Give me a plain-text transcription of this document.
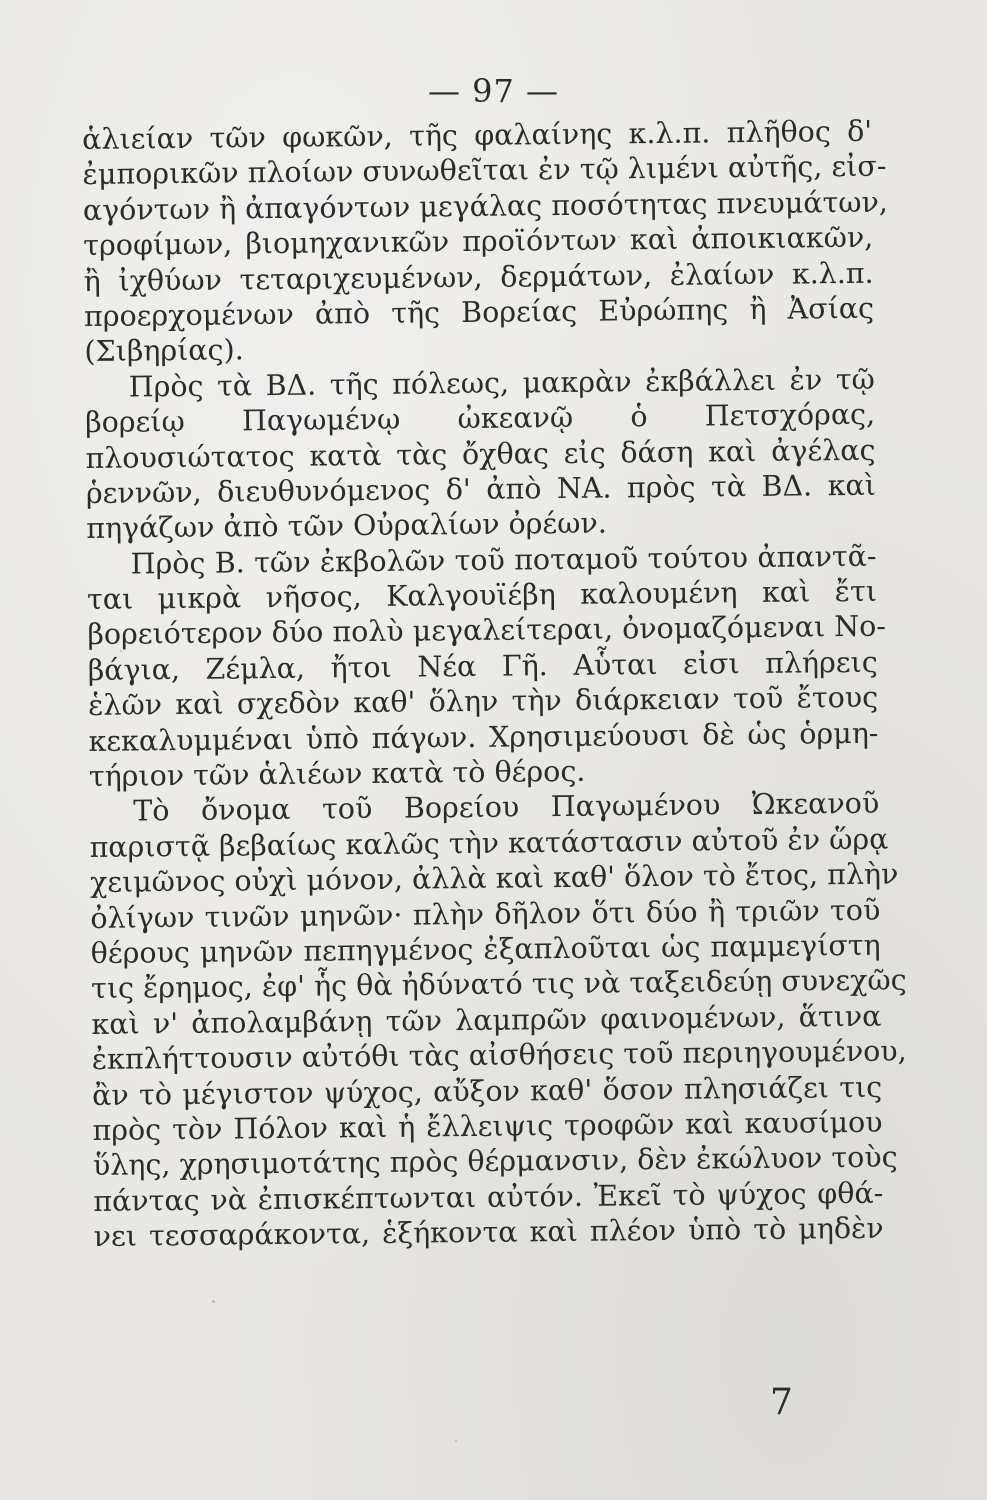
— 97 —
ἁλιείαν τῶν φωκῶν, τῆς φαλαίνης κ.λ.π. πλῆθος δ'
ἐμπορικῶν πλοίων συνωθεῖται ἐν τῷ λιμένι αὐτῆς, εἰσ-
αγόντων ἢ ἀπαγόντων μεγάλας ποσότητας πνευμάτων,
τροφίμων, βιομηχανικῶν προϊόντων καὶ ἀποικιακῶν,
ἢ ἰχθύων τεταριχευμένων, δερμάτων, ἐλαίων κ.λ.π.
προερχομένων ἀπὸ τῆς Βορείας Εὐρώπης ἢ Ἀσίας
(Σιβηρίας).
Πρὸς τὰ ΒΔ. τῆς πόλεως, μακρὰν ἐκβάλλει ἐν τῷ
βορείῳ Παγωμένῳ ὠκεανῷ ὁ Πετσχόρας,
πλουσιώτατος κατὰ τὰς ὄχθας εἰς δάση καὶ ἀγέλας
ῥεννῶν, διευθυνόμενος δ' ἀπὸ ΝΑ. πρὸς τὰ ΒΔ. καὶ
πηγάζων ἀπὸ τῶν Οὐραλίων ὀρέων.
Πρὸς Β. τῶν ἐκβολῶν τοῦ ποταμοῦ τούτου ἀπαντᾶ-
ται μικρὰ νῆσος, Καλγουϊέβη καλουμένη καὶ ἔτι
βορειότερον δύο πολὺ μεγαλείτεραι, ὀνομαζόμεναι Νο-
βάγια, Ζέμλα, ἤτοι Νέα Γῆ. Αὗται εἰσι πλήρεις
ἑλῶν καὶ σχεδὸν καθ' ὅλην τὴν διάρκειαν τοῦ ἔτους
κεκαλυμμέναι ὑπὸ πάγων. Χρησιμεύουσι δὲ ὡς ὁρμη-
τήριον τῶν ἁλιέων κατὰ τὸ θέρος.
Τὸ ὄνομα τοῦ Βορείου Παγωμένου Ὠκεανοῦ
παριστᾷ βεβαίως καλῶς τὴν κατάστασιν αὐτοῦ ἐν ὥρᾳ
χειμῶνος οὐχὶ μόνον, ἀλλὰ καὶ καθ' ὅλον τὸ ἔτος, πλὴν
ὀλίγων τινῶν μηνῶν· πλὴν δῆλον ὅτι δύο ἢ τριῶν τοῦ
θέρους μηνῶν πεπηγμένος ἐξαπλοῦται ὡς παμμεγίστη
τις ἔρημος, ἐφ' ἧς θὰ ἠδύνατό τις νὰ ταξειδεύῃ συνεχῶς
καὶ ν' ἀπολαμβάνῃ τῶν λαμπρῶν φαινομένων, ἅτινα
ἐκπλήττουσιν αὐτόθι τὰς αἰσθήσεις τοῦ περιηγουμένου,
ἂν τὸ μέγιστον ψύχος, αὔξον καθ' ὅσον πλησιάζει τις
πρὸς τὸν Πόλον καὶ ἡ ἔλλειψις τροφῶν καὶ καυσίμου
ὕλης, χρησιμοτάτης πρὸς θέρμανσιν, δὲν ἐκώλυον τοὺς
πάντας νὰ ἐπισκέπτωνται αὐτόν. Ἐκεῖ τὸ ψύχος φθά-
νει τεσσαράκοντα, ἑξήκοντα καὶ πλέον ὑπὸ τὸ μηδὲν
7
